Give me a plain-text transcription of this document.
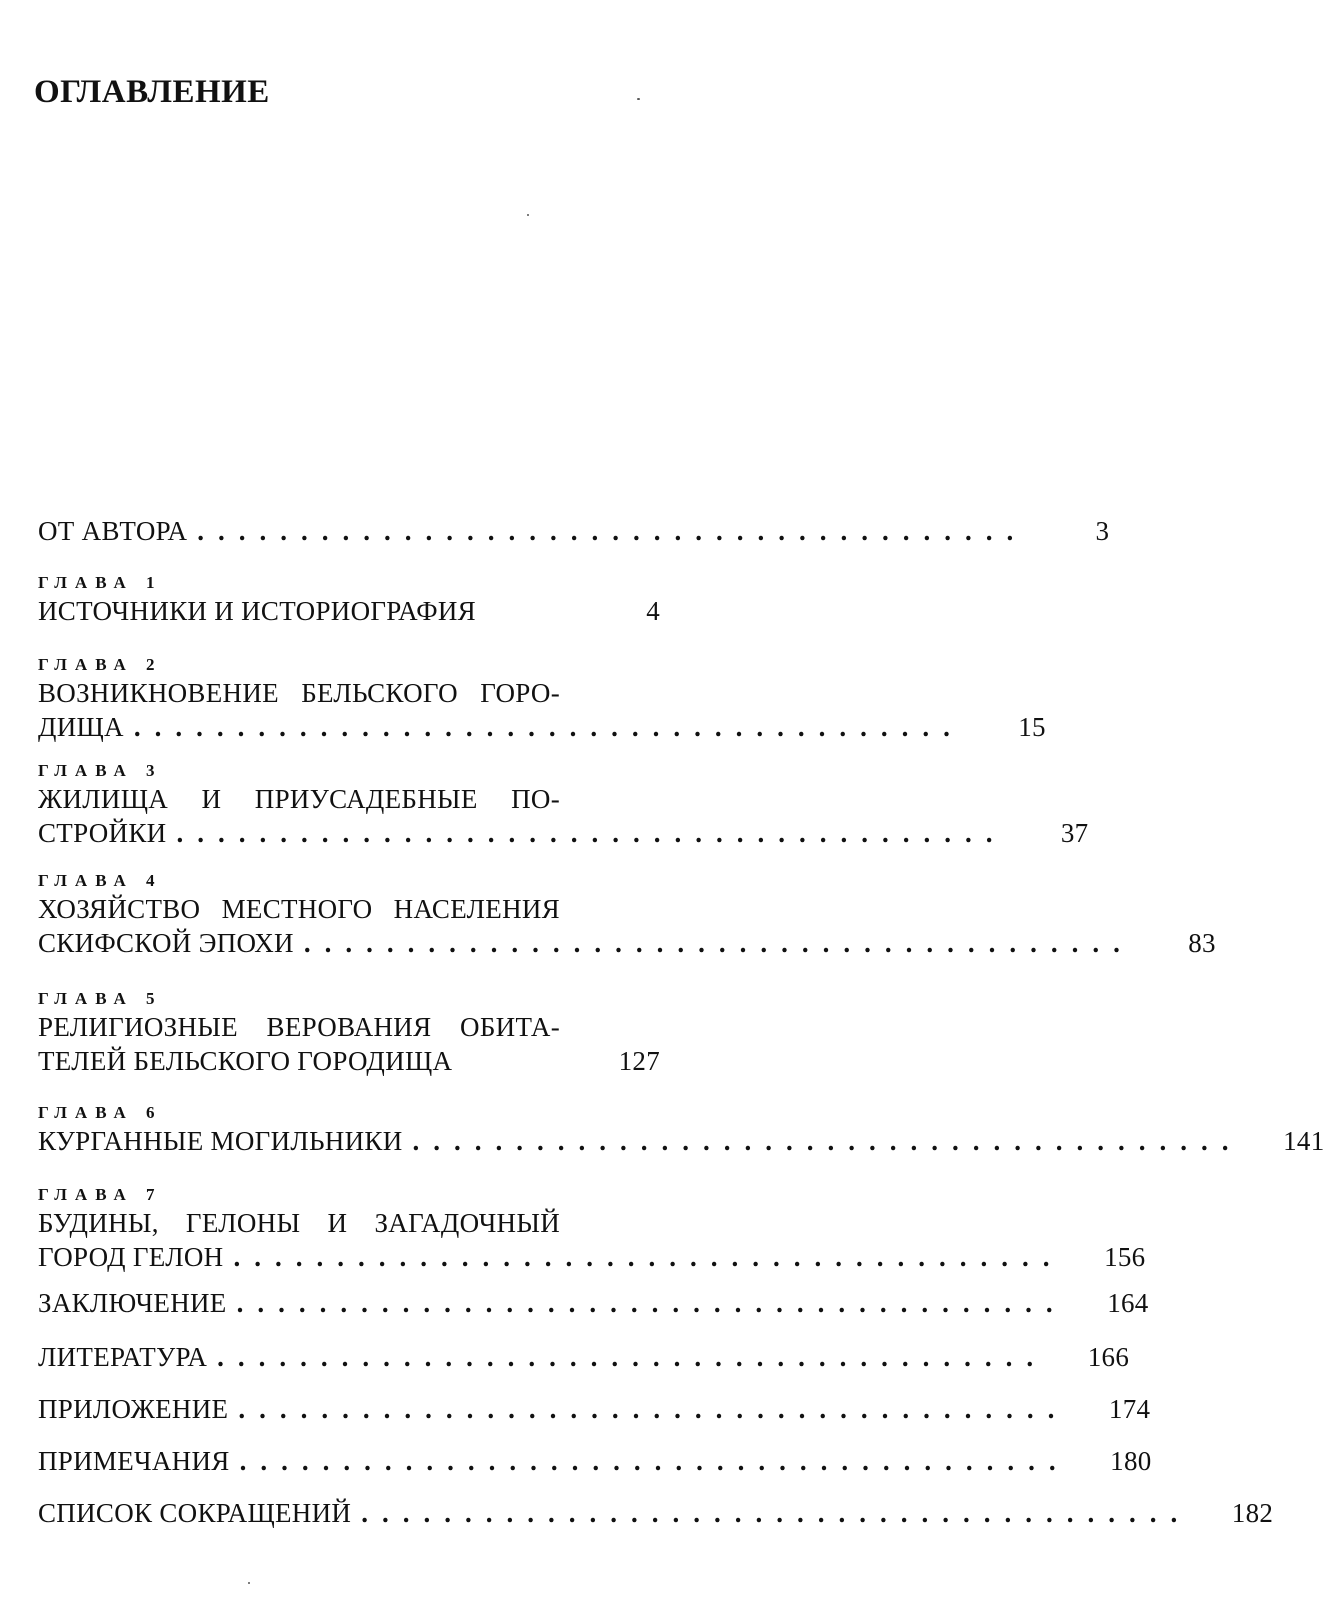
ОГЛАВЛЕНИЕ
ОТ АВТОРА ........................................	3
ГЛАВА 1
ИСТОЧНИКИ И ИСТОРИОГРАФИЯ	4
ГЛАВА 2
ВОЗНИКНОВЕНИЕ БЕЛЬСКОГО ГОРО-
ДИЩА ........................................	15
ГЛАВА 3
ЖИЛИЩА И ПРИУСАДЕБНЫЕ ПО-
СТРОЙКИ ........................................	37
ГЛАВА 4
ХОЗЯЙСТВО МЕСТНОГО НАСЕЛЕНИЯ
СКИФСКОЙ ЭПОХИ ........................................	83
ГЛАВА 5
РЕЛИГИОЗНЫЕ ВЕРОВАНИЯ ОБИТА-
ТЕЛЕЙ БЕЛЬСКОГО ГОРОДИЩА	127
ГЛАВА 6
КУРГАННЫЕ МОГИЛЬНИКИ ........................................	141
ГЛАВА 7
БУДИНЫ, ГЕЛОНЫ И ЗАГАДОЧНЫЙ
ГОРОД ГЕЛОН ........................................	156
ЗАКЛЮЧЕНИЕ ........................................	164
ЛИТЕРАТУРА ........................................	166
ПРИЛОЖЕНИЕ ........................................	174
ПРИМЕЧАНИЯ ........................................	180
СПИСОК СОКРАЩЕНИЙ ........................................	182
